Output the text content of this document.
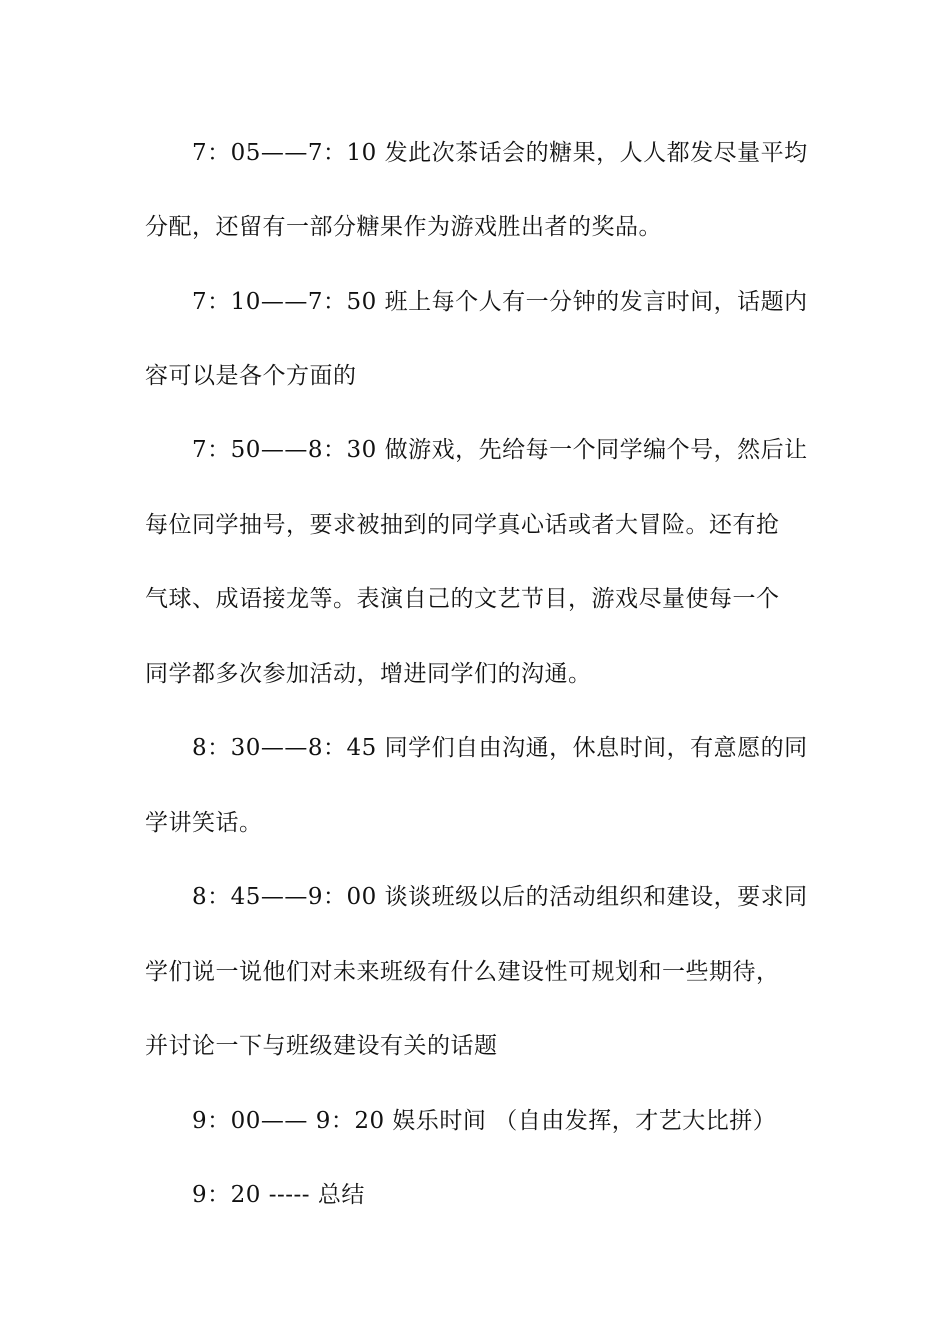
7：05——7：10 发此次茶话会的糖果，人人都发尽量平均
分配，还留有一部分糖果作为游戏胜出者的奖品。
7：10——7：50 班上每个人有一分钟的发言时间，话题内
容可以是各个方面的
7：50——8：30 做游戏，先给每一个同学编个号，然后让
每位同学抽号，要求被抽到的同学真心话或者大冒险。还有抢
气球、成语接龙等。表演自己的文艺节目，游戏尽量使每一个
同学都多次参加活动，增进同学们的沟通。
8：30——8：45 同学们自由沟通，休息时间，有意愿的同
学讲笑话。
8：45——9：00 谈谈班级以后的活动组织和建设，要求同
学们说一说他们对未来班级有什么建设性可规划和一些期待，
并讨论一下与班级建设有关的话题
9：00—— 9：20 娱乐时间 （自由发挥，才艺大比拼）
9：20 ----- 总结
